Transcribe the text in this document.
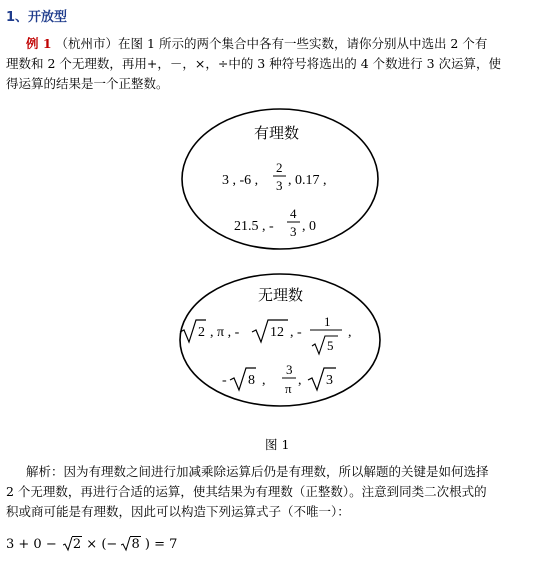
1、开放型
例 1 （杭州市）在图 1 所示的两个集合中各有一些实数，请你分别从中选出 2 个有
理数和 2 个无理数，再用+，－，×，÷中的 3 种符号将选出的 4 个数进行 3 次运算，使
得运算的结果是一个正整数。
有理数
3 , -6 ,
2
3 , 0.17 ,
21.5 , -
4
3 , 0
无理数
2 , π , - 12 , -
1
5
,
- 8 ,
3
π
, 3
图 1
解析：因为有理数之间进行加减乘除运算后仍是有理数，所以解题的关键是如何选择
2 个无理数，再进行合适的运算，使其结果为有理数（正整数）。注意到同类二次根式的
积或商可能是有理数，因此可以构造下列运算式子（不唯一）：
3 + 0 − 2 × (− 8 ) = 7
